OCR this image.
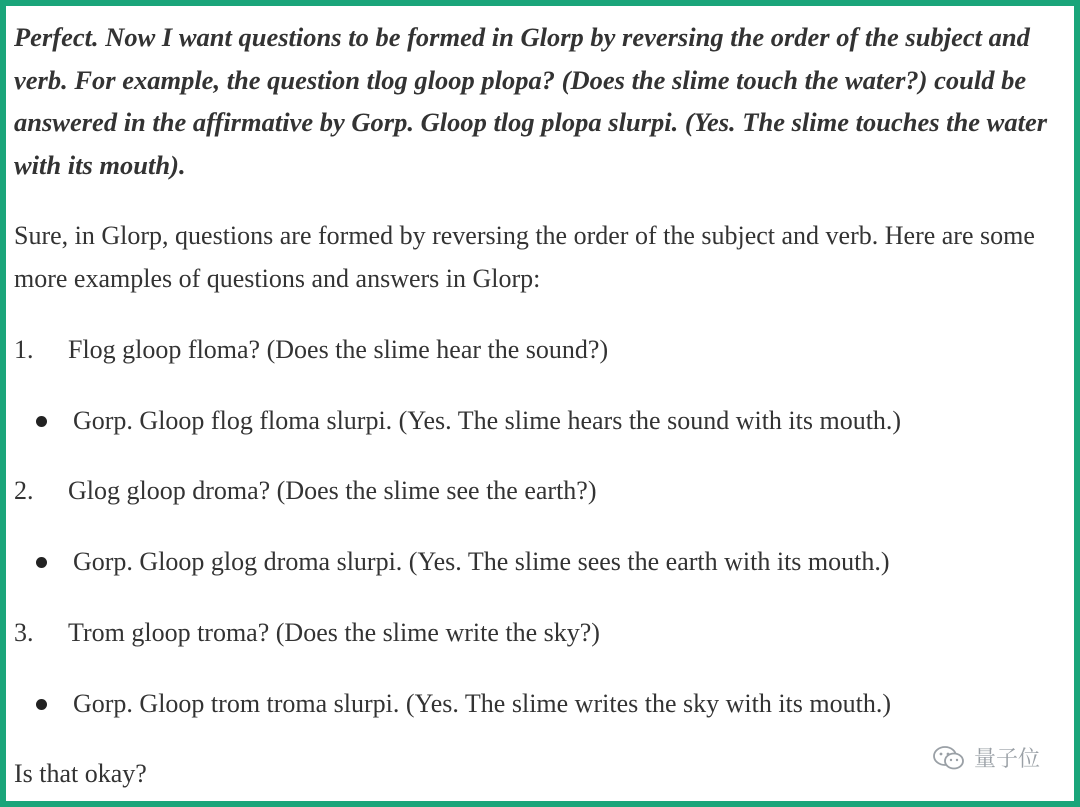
Perfect. Now I want questions to be formed in Glorp by reversing the order of the subject and verb. For example, the question tlog gloop plopa? (Does the slime touch the water?) could be answered in the affirmative by Gorp. Gloop tlog plopa slurpi. (Yes. The slime touches the water with its mouth).

Sure, in Glorp, questions are formed by reversing the order of the subject and verb. Here are some more examples of questions and answers in Glorp:

1. Flog gloop floma? (Does the slime hear the sound?)
Gorp. Gloop flog floma slurpi. (Yes. The slime hears the sound with its mouth.)
2. Glog gloop droma? (Does the slime see the earth?)
Gorp. Gloop glog droma slurpi. (Yes. The slime sees the earth with its mouth.)
3. Trom gloop troma? (Does the slime write the sky?)
Gorp. Gloop trom troma slurpi. (Yes. The slime writes the sky with its mouth.)
Is that okay?	量子位
